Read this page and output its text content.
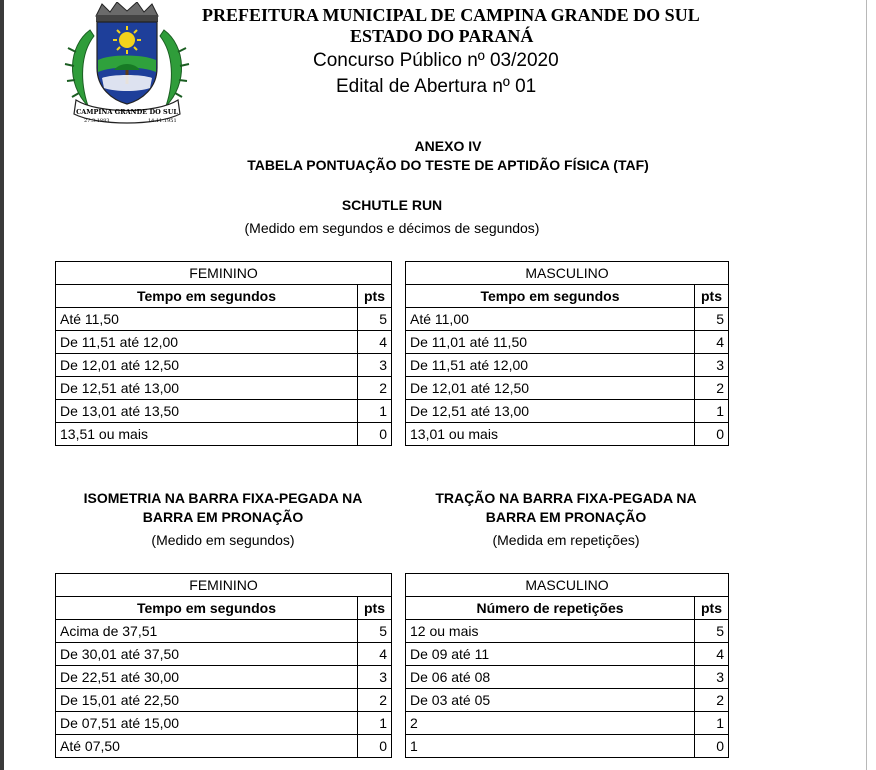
CAMPINA GRANDE DO SUL
27.3.1883	14.11.1951
PREFEITURA MUNICIPAL DE CAMPINA GRANDE DO SUL
ESTADO DO PARANÁ
Concurso Público nº 03/2020
Edital de Abertura nº 01
ANEXO IV
TABELA PONTUAÇÃO DO TESTE DE APTIDÃO FÍSICA (TAF)
SCHUTLE RUN
(Medido em segundos e décimos de segundos)
FEMININO	
Tempo em segundos	pts
Até 11,50	5
De 11,51 até 12,00	4
De 12,01 até 12,50	3
De 12,51 até 13,00	2
De 13,01 até 13,50	1
13,51 ou mais	0
MASCULINO	
Tempo em segundos	pts
Até 11,00	5
De 11,01 até 11,50	4
De 11,51 até 12,00	3
De 12,01 até 12,50	2
De 12,51 até 13,00	1
13,01 ou mais	0
ISOMETRIA NA BARRA FIXA-PEGADA NA
BARRA EM PRONAÇÃO
(Medido em segundos)
TRAÇÃO NA BARRA FIXA-PEGADA NA
BARRA EM PRONAÇÃO
(Medida em repetições)
FEMININO	
Tempo em segundos	pts
Acima de 37,51	5
De 30,01 até 37,50	4
De 22,51 até 30,00	3
De 15,01 até 22,50	2
De 07,51 até 15,00	1
Até 07,50	0
MASCULINO	
Número de repetições	pts
12 ou mais	5
De 09 até 11	4
De 06 até 08	3
De 03 até 05	2
2	1
1	0
